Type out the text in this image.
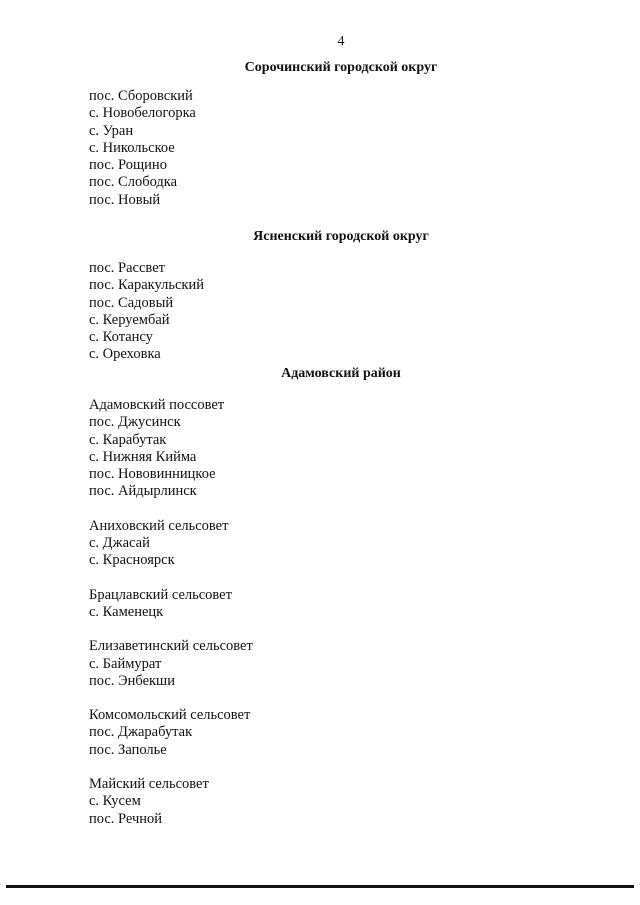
4
Сорочинский городской округ
пос. Сборовский
с. Новобелогорка
с. Уран
с. Никольское
пос. Рощино
пос. Слободка
пос. Новый
Ясненский городской округ
пос. Рассвет
пос. Каракульский
пос. Садовый
с. Керуембай
с. Котансу
с. Ореховка
Адамовский район
Адамовский поссовет
пос. Джусинск
с. Карабутак
с. Нижняя Кийма
пос. Нововинницкое
пос. Айдырлинск
Аниховский сельсовет
с. Джасай
с. Красноярск
Брацлавский сельсовет
с. Каменецк
Елизаветинский сельсовет
с. Баймурат
пос. Энбекши
Комсомольский сельсовет
пос. Джарабутак
пос. Заполье
Майский сельсовет
с. Кусем
пос. Речной
